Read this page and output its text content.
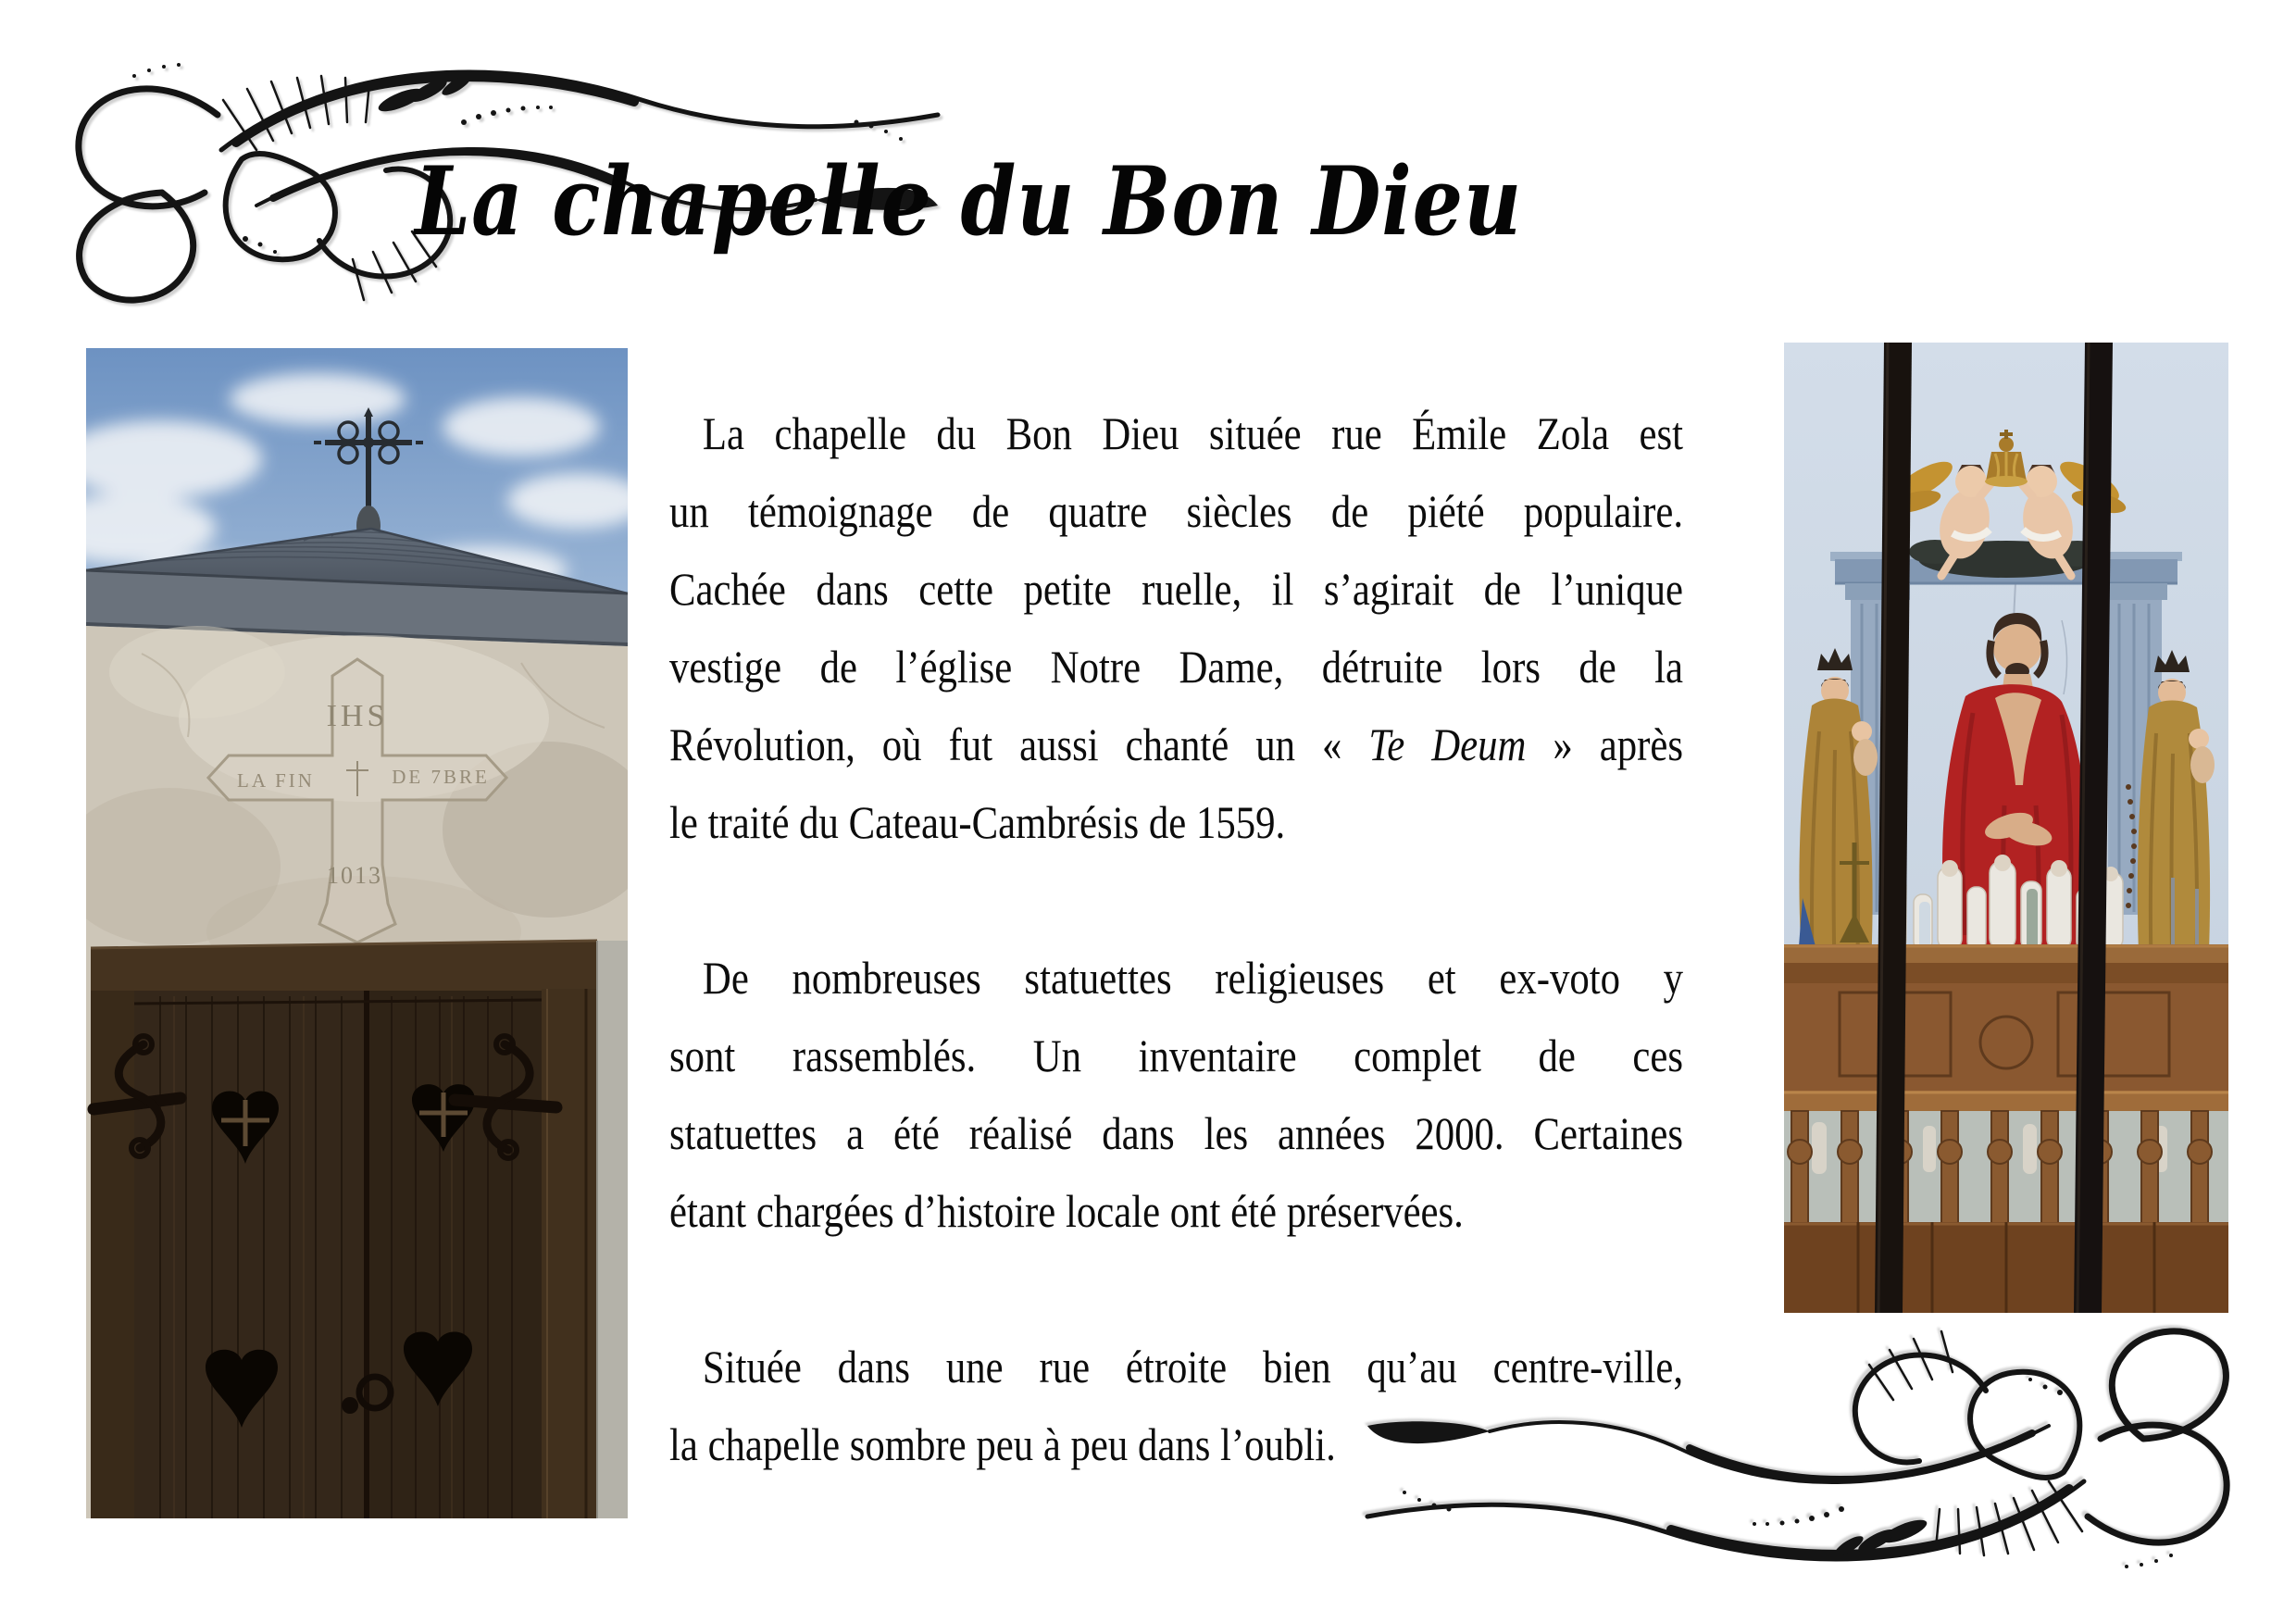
La chapelle du Bon Dieu
IHS
LA FIN	DE 7BRE
1013
La chapelle du Bon Dieu située rue Émile Zola est
un témoignage de quatre siècles de piété populaire.
Cachée dans cette petite ruelle, il s’agirait de l’unique
vestige de l’église Notre Dame, détruite lors de la
Révolution, où fut aussi chanté un « Te Deum » après
le traité du Cateau-Cambrésis de 1559.
De nombreuses statuettes religieuses et ex-voto y
sont rassemblés. Un inventaire complet de ces
statuettes a été réalisé dans les années 2000. Certaines
étant chargées d’histoire locale ont été préservées.
Située dans une rue étroite bien qu’au centre-ville,
la chapelle sombre peu à peu dans l’oubli.
